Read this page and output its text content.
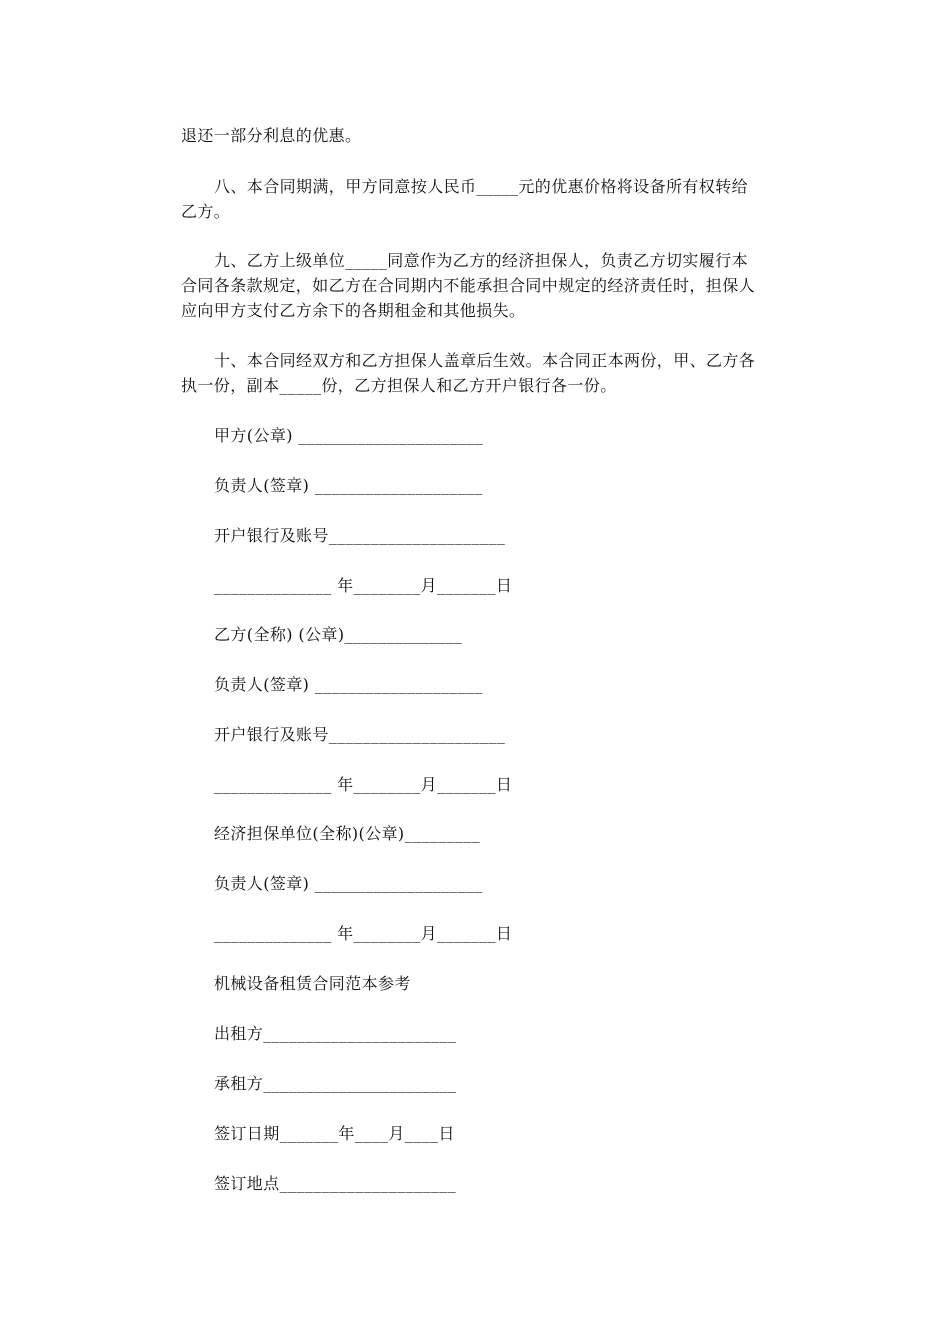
退还一部分利息的优惠。
八、本合同期满，甲方同意按人民币_____元的优惠价格将设备所有权转给
乙方。
九、乙方上级单位_____同意作为乙方的经济担保人，负责乙方切实履行本
合同各条款规定，如乙方在合同期内不能承担合同中规定的经济责任时，担保人
应向甲方支付乙方余下的各期租金和其他损失。
十、本合同经双方和乙方担保人盖章后生效。本合同正本两份，甲、乙方各
执一份，副本_____份，乙方担保人和乙方开户银行各一份。
甲方(公章) ______________________
负责人(签章) ____________________
开户银行及账号_____________________
______________ 年________月_______日
乙方(全称) (公章)______________
负责人(签章) ____________________
开户银行及账号_____________________
______________ 年________月_______日
经济担保单位(全称)(公章)_________
负责人(签章) ____________________
______________ 年________月_______日
机械设备租赁合同范本参考
出租方_______________________
承租方_______________________
签订日期_______年____月____日
签订地点_____________________
